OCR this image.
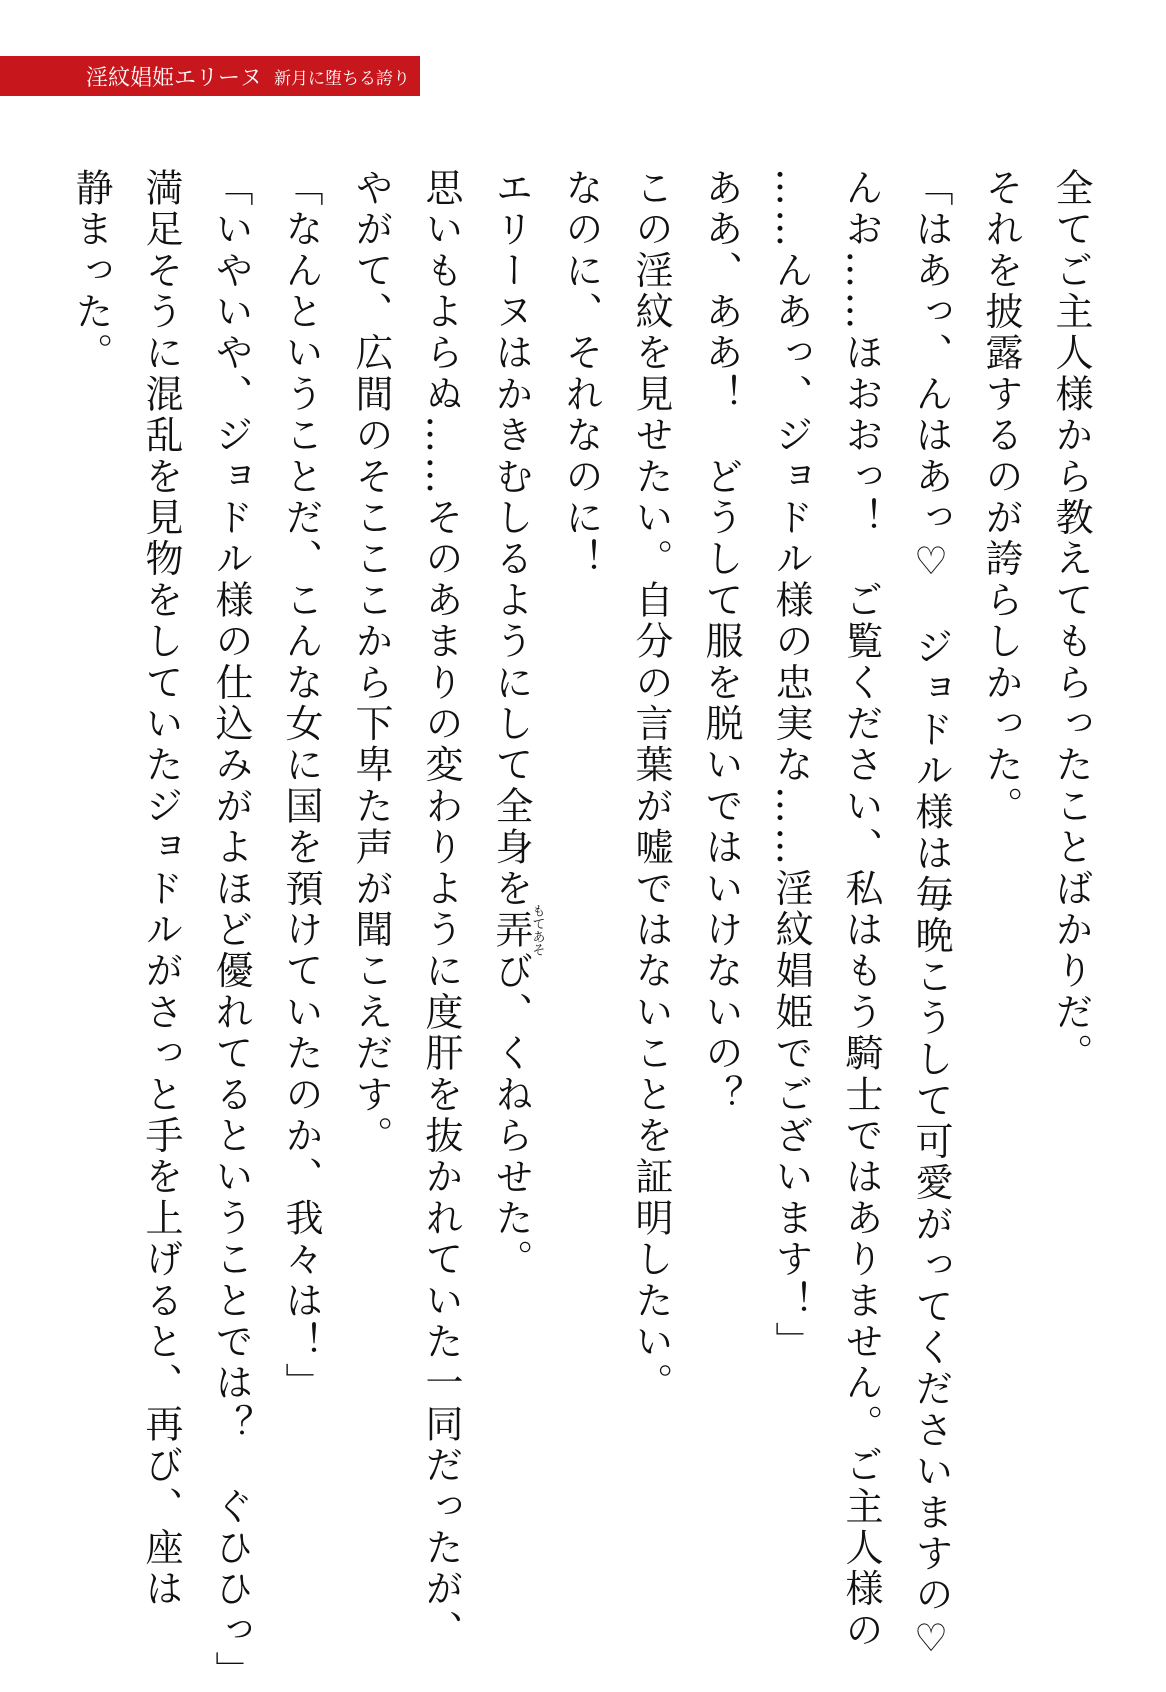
淫紋娼姫エリーヌ 新月に堕ちる誇り
全てご主人様から教えてもらったことばかりだ。
それを披露するのが誇らしかった。
「はあっ、んはあっ♡　ジョドル様は毎晩こうして可愛がってくださいますの♡
んお……ほおおっ！　ご覧ください、私はもう騎士ではありません。ご主人様の
……んあっ、ジョドル様の忠実な……淫紋娼姫でございます！」
ああ、ああ！　どうして服を脱いではいけないの？
この淫紋を見せたい。自分の言葉が嘘ではないことを証明したい。
なのに、それなのに！
エリーヌはかきむしるようにして全身を弄もてあそび、くねらせた。
思いもよらぬ……そのあまりの変わりように度肝を抜かれていた一同だったが、
やがて、広間のそこここから下卑た声が聞こえだす。
「なんということだ、こんな女に国を預けていたのか、我々は！」
「いやいや、ジョドル様の仕込みがよほど優れてるということでは？　ぐひひっ」
満足そうに混乱を見物をしていたジョドルがさっと手を上げると、再び、座は
静まった。
